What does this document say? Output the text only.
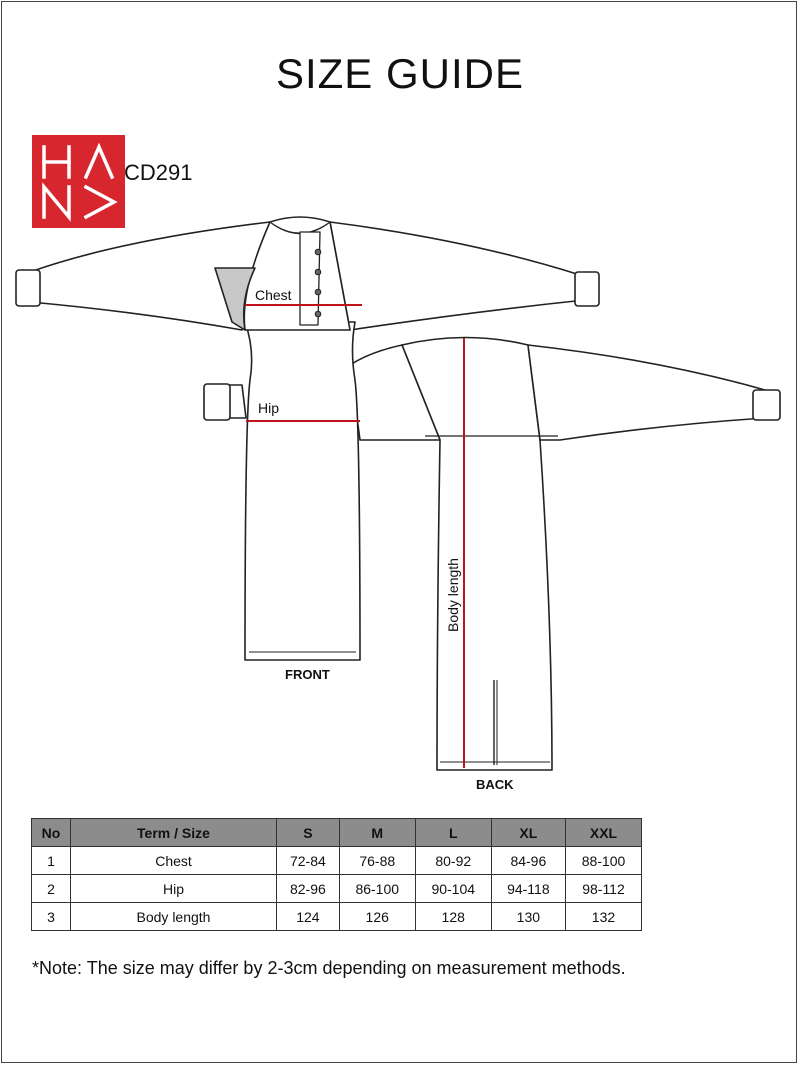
SIZE GUIDE
CD291
Chest
Hip
Body length
FRONT
BACK
No	Term / Size	S	M	L	XL	XXL
1	Chest	72-84	76-88	80-92	84-96	88-100
2	Hip	82-96	86-100	90-104	94-118	98-112
3	Body length	124	126	128	130	132
*Note: The size may differ by 2-3cm depending on measurement methods.
